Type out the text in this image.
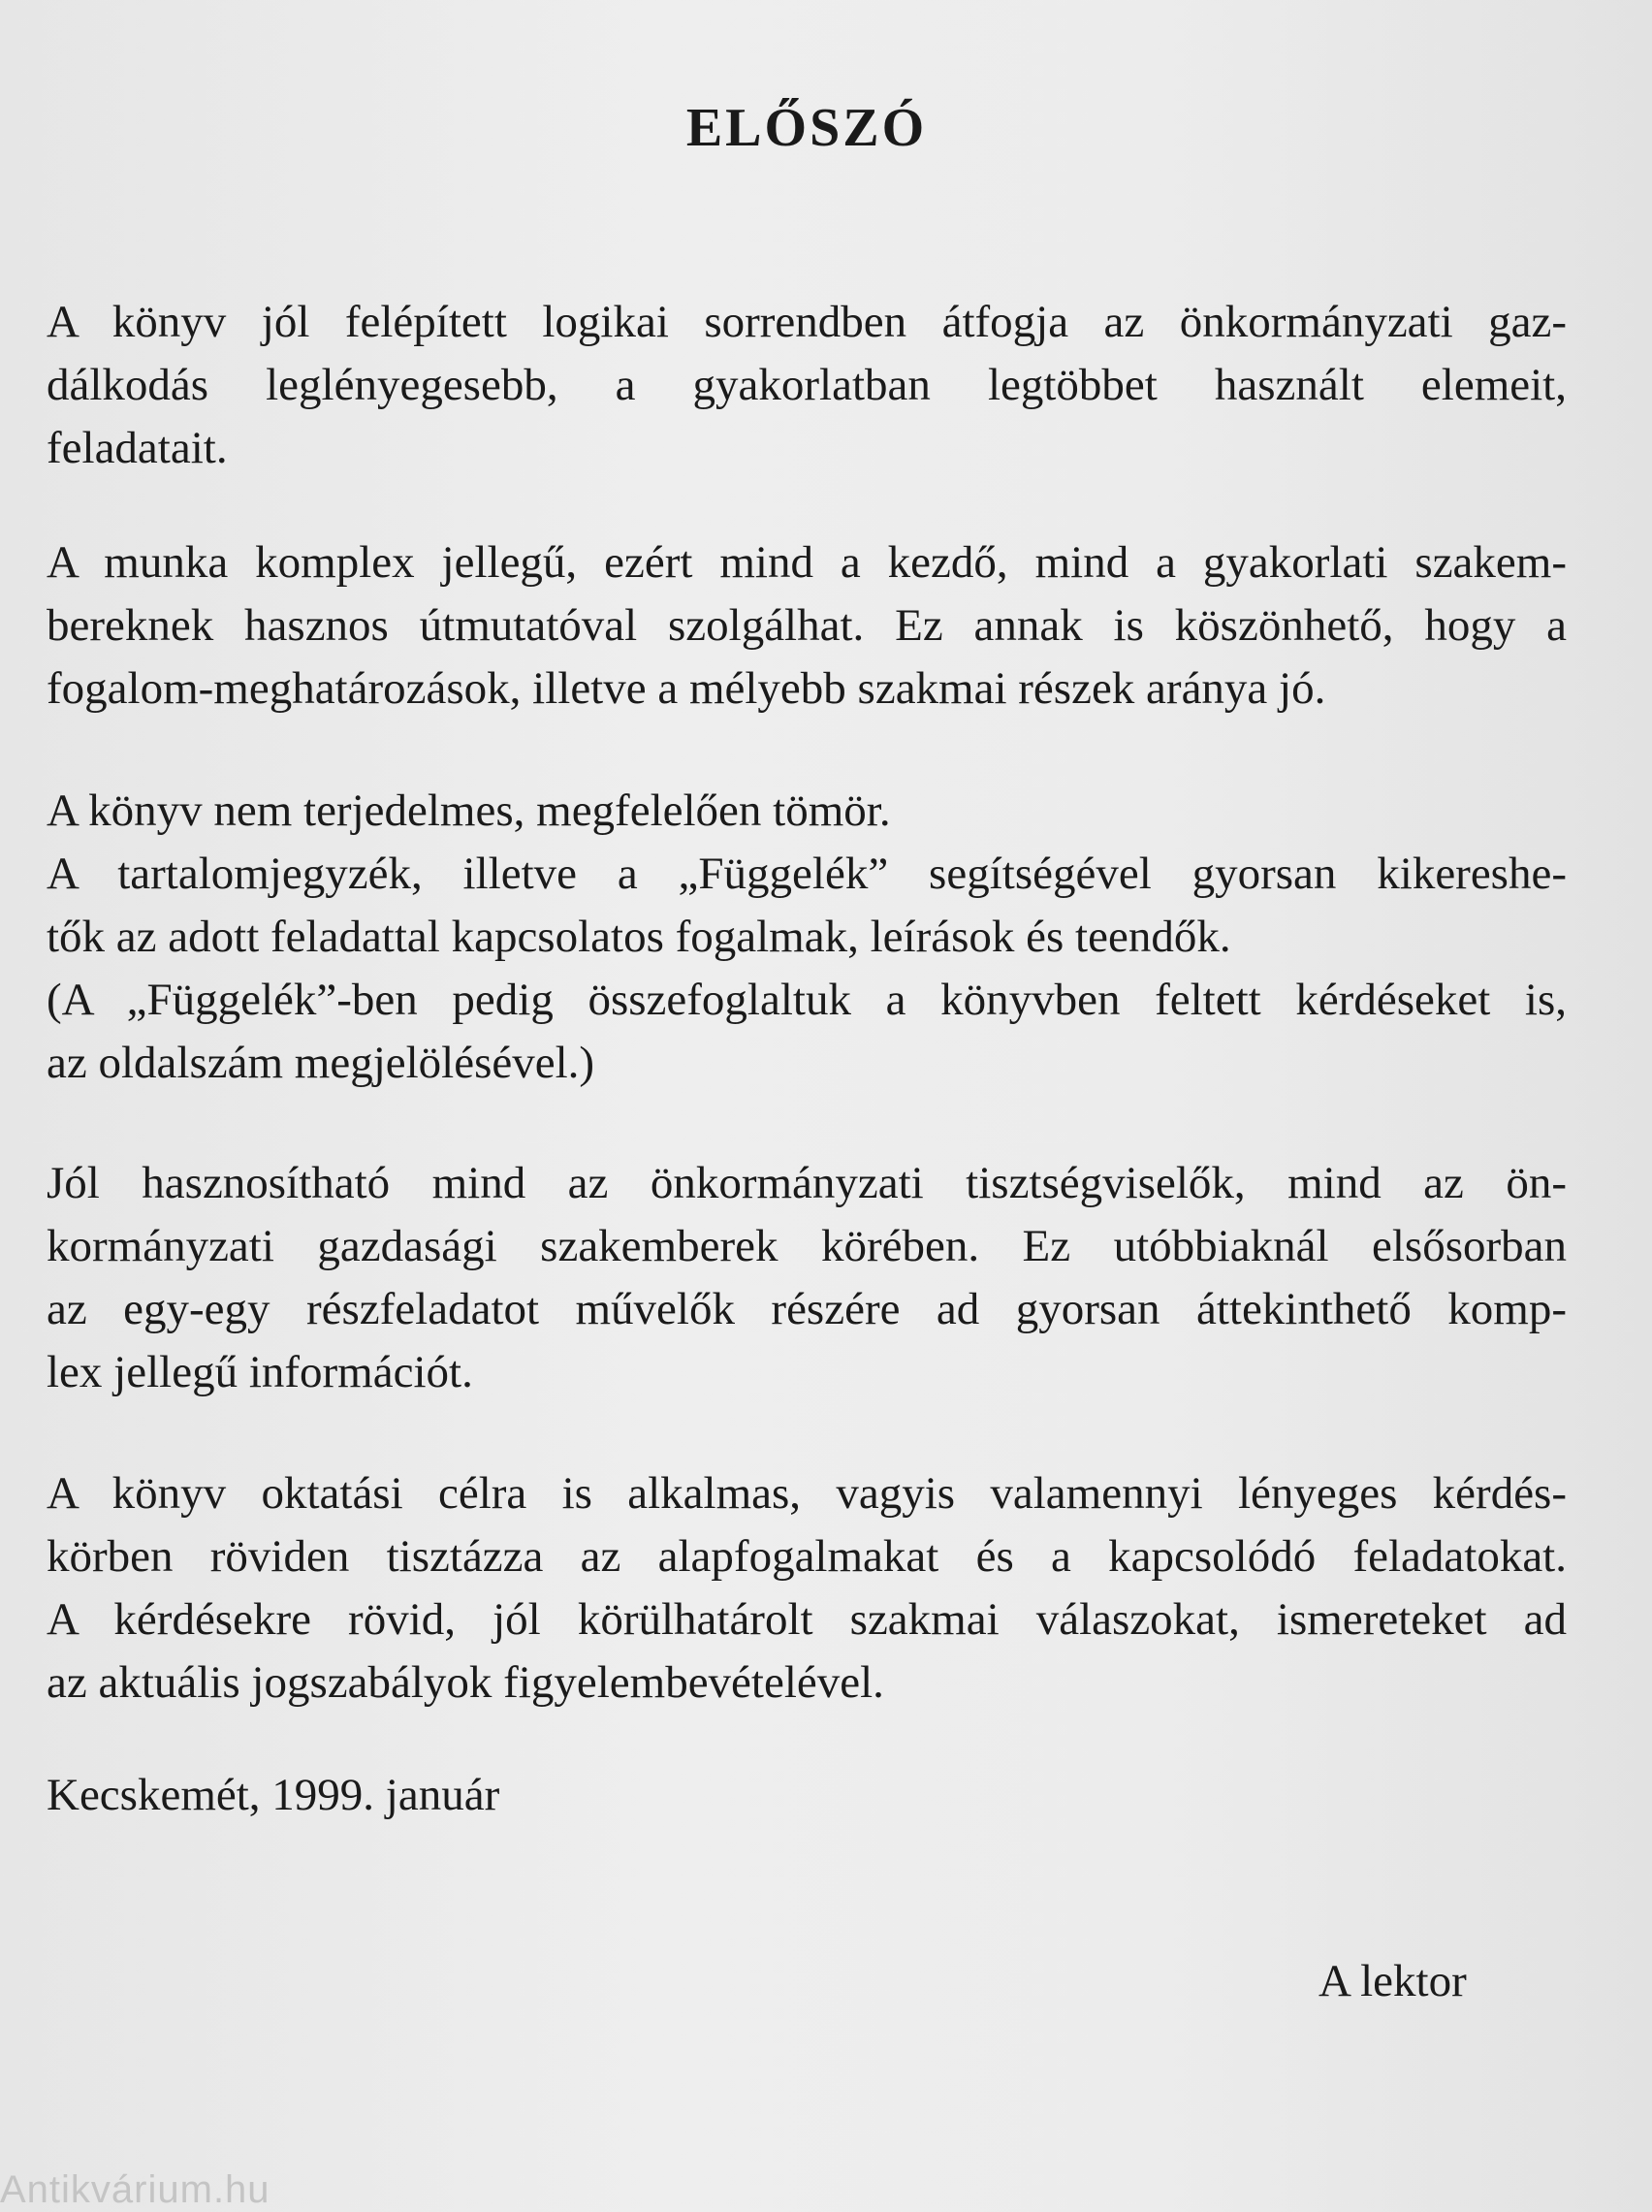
ELŐSZÓ
A könyv jól felépített logikai sorrendben átfogja az önkormányzati gaz-
dálkodás leglényegesebb, a gyakorlatban legtöbbet használt elemeit,
feladatait.
A munka komplex jellegű, ezért mind a kezdő, mind a gyakorlati szakem-
bereknek hasznos útmutatóval szolgálhat. Ez annak is köszönhető, hogy a
fogalom-meghatározások, illetve a mélyebb szakmai részek aránya jó.
A könyv nem terjedelmes, megfelelően tömör.
A tartalomjegyzék, illetve a „Függelék” segítségével gyorsan kikereshe-
tők az adott feladattal kapcsolatos fogalmak, leírások és teendők.
(A „Függelék”-ben pedig összefoglaltuk a könyvben feltett kérdéseket is,
az oldalszám megjelölésével.)
Jól hasznosítható mind az önkormányzati tisztségviselők, mind az ön-
kormányzati gazdasági szakemberek körében. Ez utóbbiaknál elsősorban
az egy-egy részfeladatot művelők részére ad gyorsan áttekinthető komp-
lex jellegű információt.
A könyv oktatási célra is alkalmas, vagyis valamennyi lényeges kérdés-
körben röviden tisztázza az alapfogalmakat és a kapcsolódó feladatokat.
A kérdésekre rövid, jól körülhatárolt szakmai válaszokat, ismereteket ad
az aktuális jogszabályok figyelembevételével.
Kecskemét, 1999. január
A lektor
Antikvárium.hu
